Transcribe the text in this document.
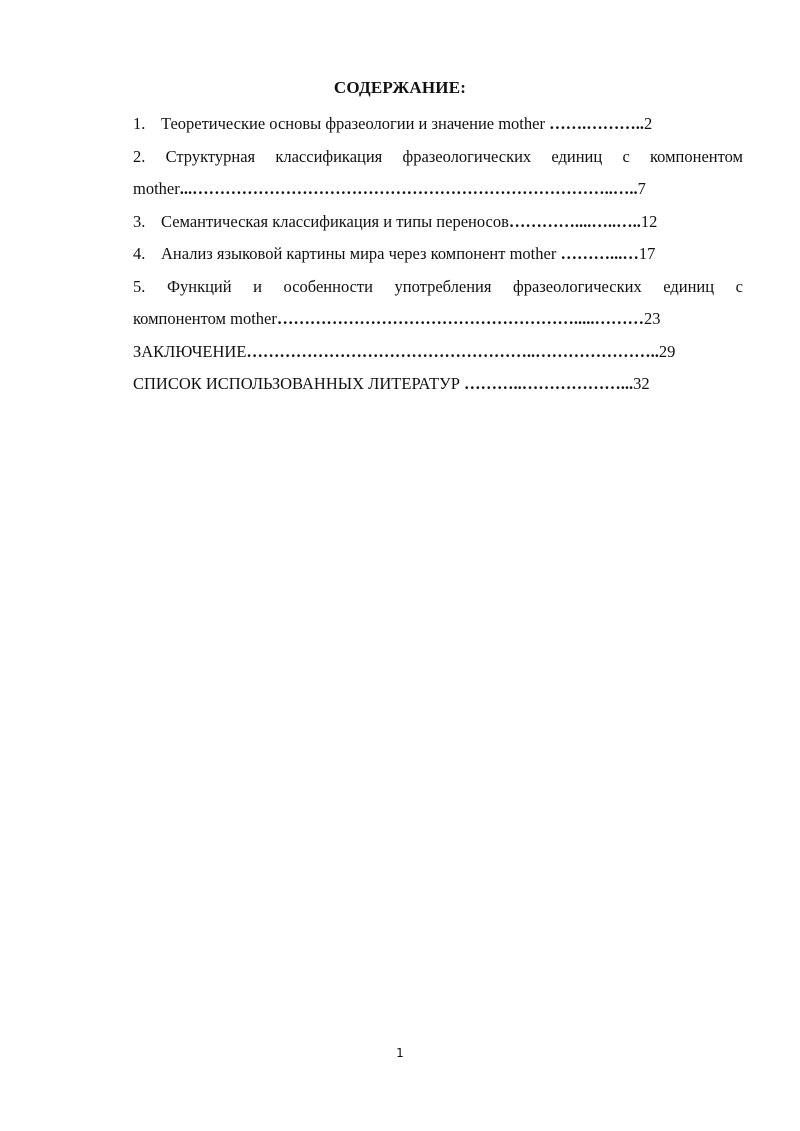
СОДЕРЖАНИЕ:
1. Теоретические основы фразеологии и значение mother …….………..2
2. Структурная классификация фразеологических единиц с компонентом
mother...…………………………………………………………………..…..7
3. Семантическая классификация и типы переносов…………....…..…..12
4. Анализ языковой картины мира через компонент mother ………...…17
5. Функций и особенности употребления фразеологических единиц с
компонентом mother……………………………………………….....………23
ЗАКЛЮЧЕНИЕ……………………………………………..…………………..29
СПИСОК ИСПОЛЬЗОВАННЫХ ЛИТЕРАТУР ………..………………...32
1
